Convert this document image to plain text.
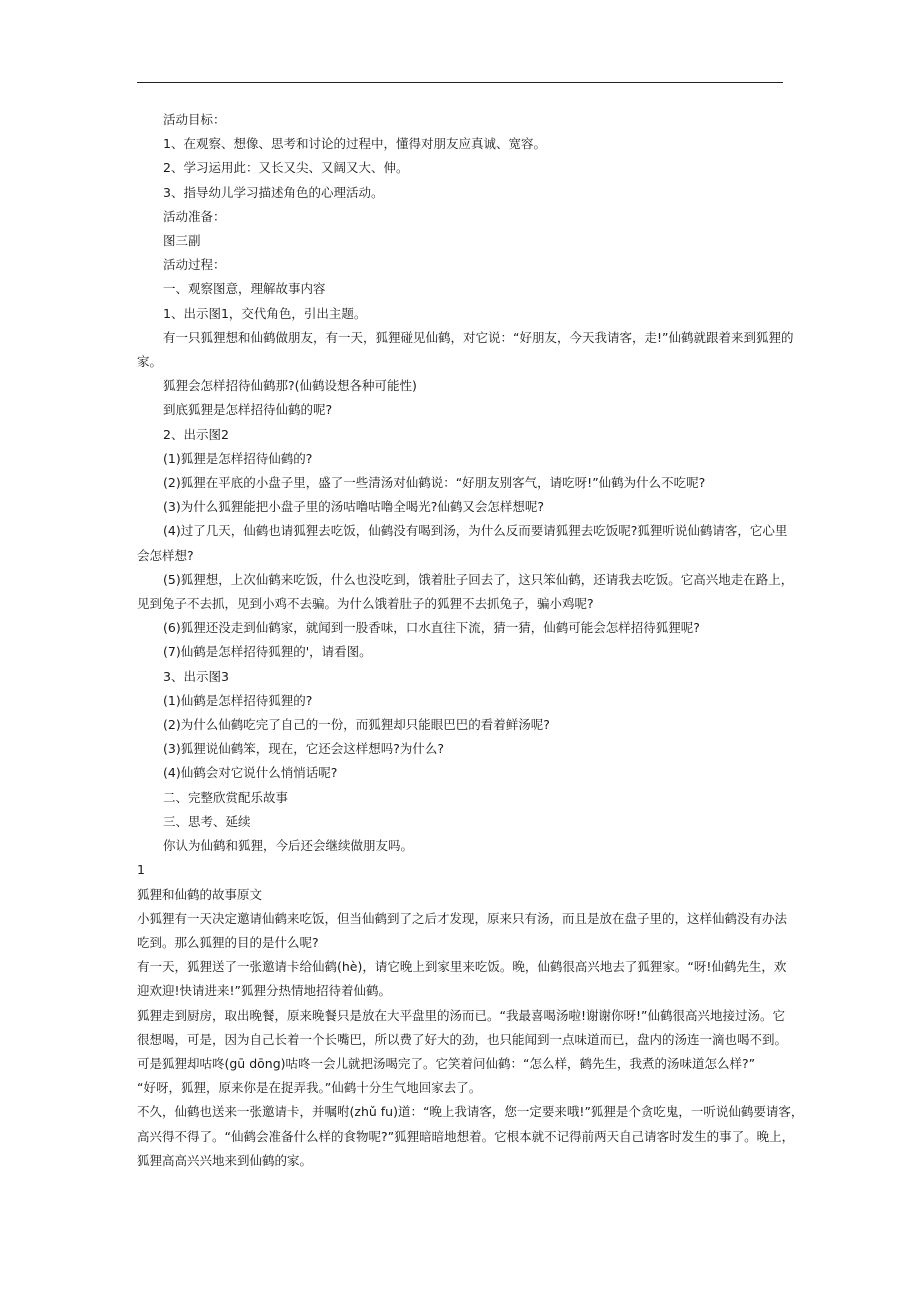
活动目标：

1、在观察、想像、思考和讨论的过程中，懂得对朋友应真诚、宽容。

2、学习运用此：又长又尖、又阔又大、伸。

3、指导幼儿学习描述角色的心理活动。

活动准备：

图三副

活动过程：

一、观察图意，理解故事内容

1、出示图1，交代角色，引出主题。

有一只狐狸想和仙鹤做朋友，有一天，狐狸碰见仙鹤，对它说：“好朋友，今天我请客，走!”仙鹤就跟着来到狐狸的

家。

狐狸会怎样招待仙鹤那?(仙鹤设想各种可能性)

到底狐狸是怎样招待仙鹤的呢?

2、出示图2

(1)狐狸是怎样招待仙鹤的?

(2)狐狸在平底的小盘子里，盛了一些清汤对仙鹤说：“好朋友别客气，请吃呀!”仙鹤为什么不吃呢?

(3)为什么狐狸能把小盘子里的汤咕噜咕噜全喝光?仙鹤又会怎样想呢?

(4)过了几天，仙鹤也请狐狸去吃饭，仙鹤没有喝到汤，为什么反而要请狐狸去吃饭呢?狐狸听说仙鹤请客，它心里

会怎样想?

(5)狐狸想，上次仙鹤来吃饭，什么也没吃到，饿着肚子回去了，这只笨仙鹤，还请我去吃饭。它高兴地走在路上，

见到兔子不去抓，见到小鸡不去骗。为什么饿着肚子的狐狸不去抓兔子，骗小鸡呢?

(6)狐狸还没走到仙鹤家，就闻到一股香味，口水直往下流，猜一猜，仙鹤可能会怎样招待狐狸呢?

(7)仙鹤是怎样招待狐狸的'，请看图。

3、出示图3

(1)仙鹤是怎样招待狐狸的?

(2)为什么仙鹤吃完了自己的一份，而狐狸却只能眼巴巴的看着鲜汤呢?

(3)狐狸说仙鹤笨，现在，它还会这样想吗?为什么?

(4)仙鹤会对它说什么悄悄话呢?

二、完整欣赏配乐故事

三、思考、延续

你认为仙鹤和狐狸，今后还会继续做朋友吗。

1

狐狸和仙鹤的故事原文

小狐狸有一天决定邀请仙鹤来吃饭，但当仙鹤到了之后才发现，原来只有汤，而且是放在盘子里的，这样仙鹤没有办法

吃到。那么狐狸的目的是什么呢?

有一天，狐狸送了一张邀请卡给仙鹤(hè)，请它晚上到家里来吃饭。晚，仙鹤很高兴地去了狐狸家。“呀!仙鹤先生，欢

迎欢迎!快请进来!”狐狸分热情地招待着仙鹤。

狐狸走到厨房，取出晚餐，原来晚餐只是放在大平盘里的汤而已。“我最喜喝汤啦!谢谢你呀!”仙鹤很高兴地接过汤。它

很想喝，可是，因为自己长着一个长嘴巴，所以费了好大的劲，也只能闻到一点味道而已，盘内的汤连一滴也喝不到。

可是狐狸却咕咚(gū dōng)咕咚一会儿就把汤喝完了。它笑着问仙鹤：“怎么样，鹤先生，我煮的汤味道怎么样?”

“好呀，狐狸，原来你是在捉弄我。”仙鹤十分生气地回家去了。

不久，仙鹤也送来一张邀请卡，并嘱咐(zhǔ fu)道：“晚上我请客，您一定要来哦!”狐狸是个贪吃鬼，一听说仙鹤要请客，

高兴得不得了。“仙鹤会准备什么样的食物呢?”狐狸暗暗地想着。它根本就不记得前两天自己请客时发生的事了。晚上，

狐狸高高兴兴地来到仙鹤的家。
